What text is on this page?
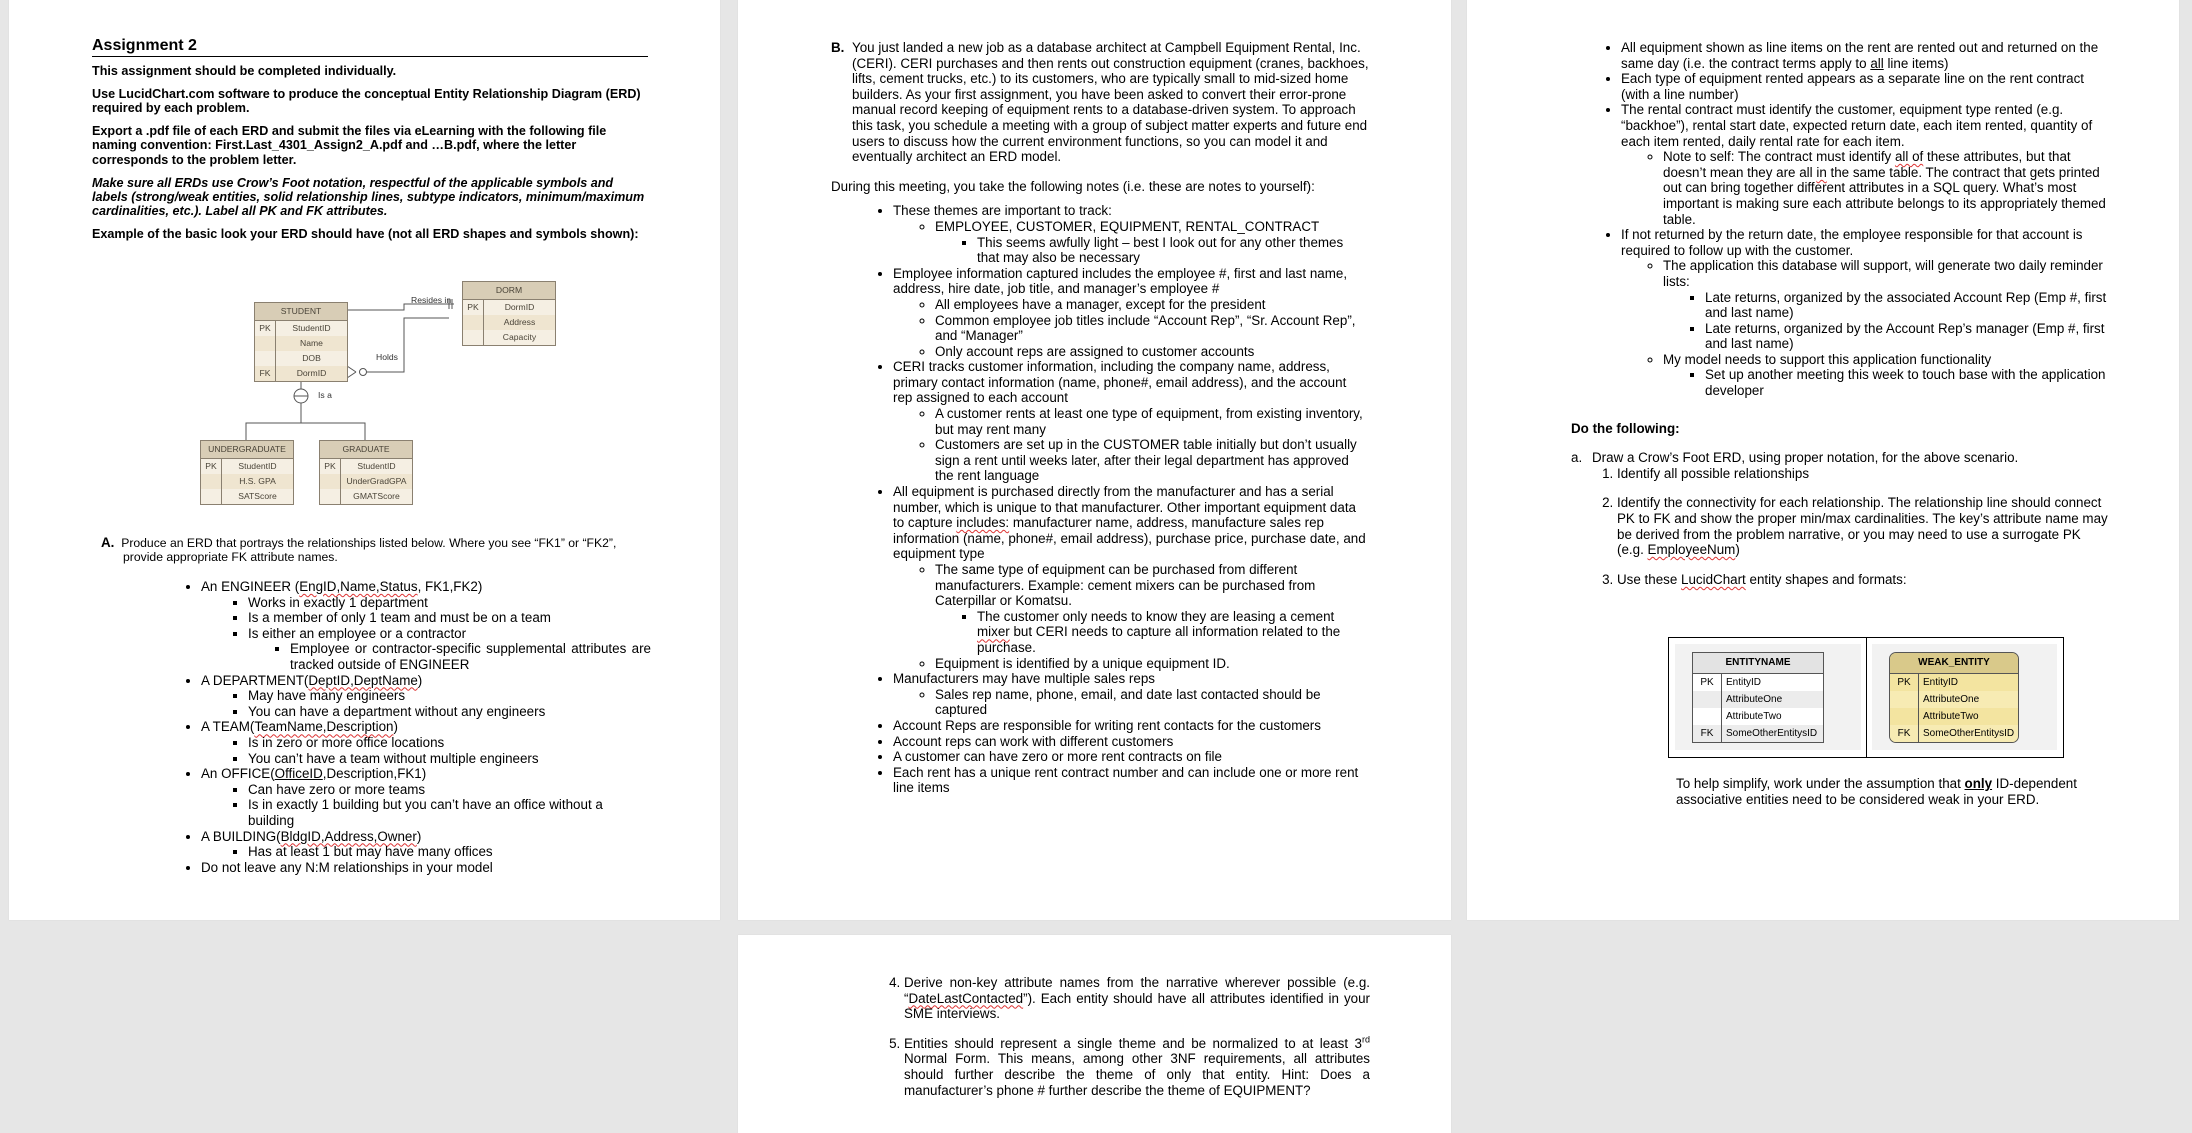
Assignment 2

This assignment should be completed individually.

Use LucidChart.com software to produce the conceptual Entity Relationship Diagram (ERD) required by each problem.

Export a .pdf file of each ERD and submit the files via eLearning with the following file naming convention: First.Last_4301_Assign2_A.pdf and …B.pdf, where the letter corresponds to the problem letter.

Make sure all ERDs use Crow’s Foot notation, respectful of the applicable symbols and labels (strong/weak entities, solid relationship lines, subtype indicators, minimum/maximum cardinalities, etc.). Label all PK and FK attributes.

Example of the basic look your ERD should have (not all ERD shapes and symbols shown):

STUDENT
PK	StudentID
Name
DOB
FK	DormID
DORM
PK	DormID
Address
Capacity
UNDERGRADUATE
PK	StudentID
H.S. GPA
SATScore
GRADUATE
PK	StudentID
UnderGradGPA
GMATScore
Resides in
Holds
Is a

A. Produce an ERD that portrays the relationships listed below. Where you see “FK1” or “FK2”, provide appropriate FK attribute names.

• An ENGINEER (EngID,Name,Status, FK1,FK2)
▪ Works in exactly 1 department
▪ Is a member of only 1 team and must be on a team
▪ Is either an employee or a contractor
▪ Employee or contractor-specific supplemental attributes are tracked outside of ENGINEER
• A DEPARTMENT(DeptID,DeptName)
▪ May have many engineers
▪ You can have a department without any engineers
• A TEAM(TeamName,Description)
▪ Is in zero or more office locations
▪ You can’t have a team without multiple engineers
• An OFFICE(OfficeID,Description,FK1)
▪ Can have zero or more teams
▪ Is in exactly 1 building but you can’t have an office without a building
• A BUILDING(BldgID,Address,Owner)
▪ Has at least 1 but may have many offices
• Do not leave any N:M relationships in your model
B. You just landed a new job as a database architect at Campbell Equipment Rental, Inc. (CERI). CERI purchases and then rents out construction equipment (cranes, backhoes, lifts, cement trucks, etc.) to its customers, who are typically small to mid-sized home builders. As your first assignment, you have been asked to convert their error-prone manual record keeping of equipment rents to a database-driven system. To approach this task, you schedule a meeting with a group of subject matter experts and future end users to discuss how the current environment functions, so you can model it and eventually architect an ERD model.

During this meeting, you take the following notes (i.e. these are notes to yourself):

• These themes are important to track:
◦ EMPLOYEE, CUSTOMER, EQUIPMENT, RENTAL_CONTRACT
▪ This seems awfully light – best I look out for any other themes that may also be necessary
• Employee information captured includes the employee #, first and last name, address, hire date, job title, and manager’s employee #
◦ All employees have a manager, except for the president
◦ Common employee job titles include “Account Rep”, “Sr. Account Rep”, and “Manager”
◦ Only account reps are assigned to customer accounts
• CERI tracks customer information, including the company name, address, primary contact information (name, phone#, email address), and the account rep assigned to each account
◦ A customer rents at least one type of equipment, from existing inventory, but may rent many
◦ Customers are set up in the CUSTOMER table initially but don’t usually sign a rent until weeks later, after their legal department has approved the rent language
• All equipment is purchased directly from the manufacturer and has a serial number, which is unique to that manufacturer. Other important equipment data to capture includes: manufacturer name, address, manufacture sales rep information (name, phone#, email address), purchase price, purchase date, and equipment type
◦ The same type of equipment can be purchased from different manufacturers. Example: cement mixers can be purchased from Caterpillar or Komatsu.
▪ The customer only needs to know they are leasing a cement mixer but CERI needs to capture all information related to the purchase.
◦ Equipment is identified by a unique equipment ID.
• Manufacturers may have multiple sales reps
◦ Sales rep name, phone, email, and date last contacted should be captured
• Account Reps are responsible for writing rent contacts for the customers
• Account reps can work with different customers
• A customer can have zero or more rent contracts on file
• Each rent has a unique rent contract number and can include one or more rent line items
• All equipment shown as line items on the rent are rented out and returned on the same day (i.e. the contract terms apply to all line items)
• Each type of equipment rented appears as a separate line on the rent contract (with a line number)
• The rental contract must identify the customer, equipment type rented (e.g. “backhoe”), rental start date, expected return date, each item rented, quantity of each item rented, daily rental rate for each item.
◦ Note to self: The contract must identify all of these attributes, but that doesn’t mean they are all in the same table. The contract that gets printed out can bring together different attributes in a SQL query. What’s most important is making sure each attribute belongs to its appropriately themed table.
• If not returned by the return date, the employee responsible for that account is required to follow up with the customer.
◦ The application this database will support, will generate two daily reminder lists:
▪ Late returns, organized by the associated Account Rep (Emp #, first and last name)
▪ Late returns, organized by the Account Rep’s manager (Emp #, first and last name)
◦ My model needs to support this application functionality
▪ Set up another meeting this week to touch base with the application developer

Do the following:

a. Draw a Crow’s Foot ERD, using proper notation, for the above scenario.
1. Identify all possible relationships
2. Identify the connectivity for each relationship. The relationship line should connect PK to FK and show the proper min/max cardinalities. The key’s attribute name may be derived from the problem narrative, or you may need to use a surrogate PK (e.g. EmployeeNum)
3. Use these LucidChart entity shapes and formats:
ENTITYNAME
PK	EntityID
AttributeOne
AttributeTwo
FK	SomeOtherEntitysID
WEAK_ENTITY
PK	EntityID
AttributeOne
AttributeTwo
FK	SomeOtherEntitysID

To help simplify, work under the assumption that only ID-dependent associative entities need to be considered weak in your ERD.

4. Derive non-key attribute names from the narrative wherever possible (e.g. “DateLastContacted”). Each entity should have all attributes identified in your SME interviews.
5. Entities should represent a single theme and be normalized to at least 3rd Normal Form. This means, among other 3NF requirements, all attributes should further describe the theme of only that entity. Hint: Does a manufacturer’s phone # further describe the theme of EQUIPMENT?
